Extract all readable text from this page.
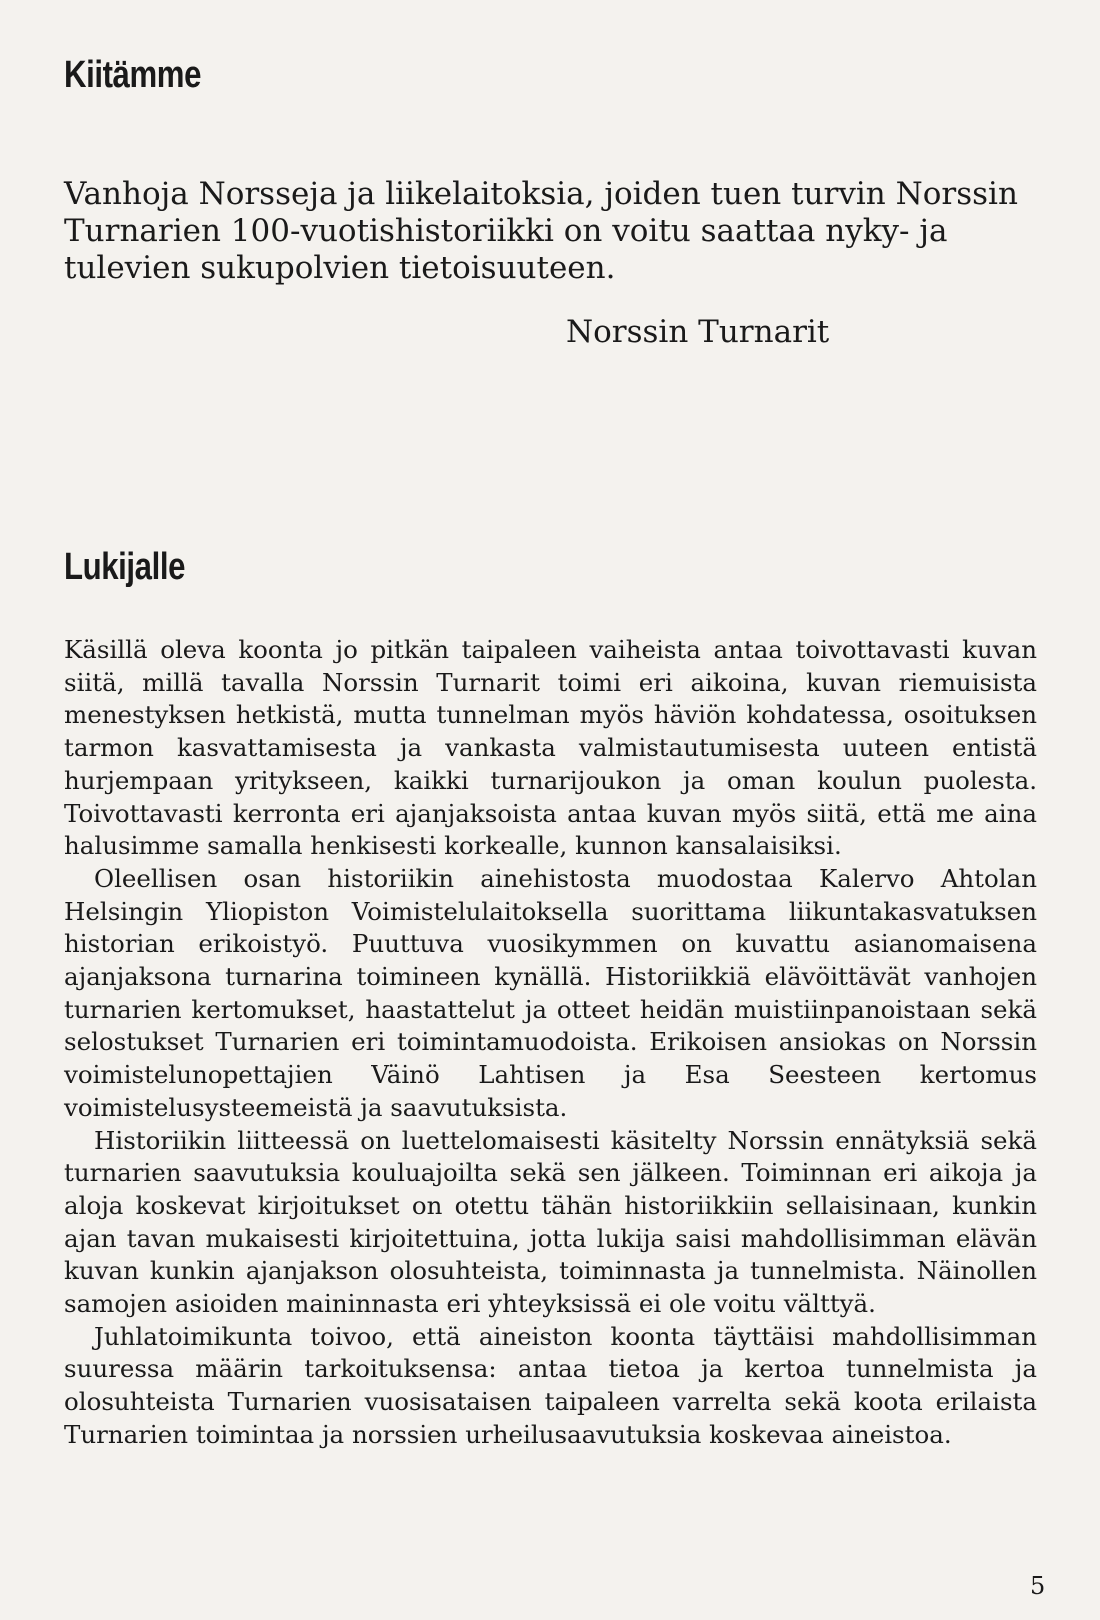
Kiitämme

Vanhoja Norsseja ja liikelaitoksia, joiden tuen turvin Norssin Turnarien 100-vuotishistoriikki on voitu saattaa nyky- ja tulevien sukupolvien tietoisuuteen.

Norssin Turnarit

Lukijalle

Käsillä oleva koonta jo pitkän taipaleen vaiheista antaa toivottavasti kuvan siitä, millä tavalla Norssin Turnarit toimi eri aikoina, kuvan riemuisista menestyksen hetkistä, mutta tunnelman myös häviön kohdatessa, osoituksen tarmon kasvattamisesta ja vankasta valmistautumisesta uuteen entistä hurjempaan yritykseen, kaikki turnarijoukon ja oman koulun puolesta. Toivottavasti kerronta eri ajanjaksoista antaa kuvan myös siitä, että me aina halusimme samalla henkisesti korkealle, kunnon kansalaisiksi.

Oleellisen osan historiikin ainehistosta muodostaa Kalervo Ahtolan Helsingin Yliopiston Voimistelulaitoksella suorittama liikuntakasvatuksen historian erikoistyö. Puuttuva vuosikymmen on kuvattu asianomaisena ajanjaksona turnarina toimineen kynällä. Historiikkiä elävöittävät vanhojen turnarien kertomukset, haastattelut ja otteet heidän muistiinpanoistaan sekä selostukset Turnarien eri toimintamuodoista. Erikoisen ansiokas on Norssin voimistelunopettajien Väinö Lahtisen ja Esa Seesteen kertomus voimistelusysteemeistä ja saavutuksista.

Historiikin liitteessä on luettelomaisesti käsitelty Norssin ennätyksiä sekä turnarien saavutuksia kouluajoilta sekä sen jälkeen. Toiminnan eri aikoja ja aloja koskevat kirjoitukset on otettu tähän historiikkiin sellaisinaan, kunkin ajan tavan mukaisesti kirjoitettuina, jotta lukija saisi mahdollisimman elävän kuvan kunkin ajanjakson olosuhteista, toiminnasta ja tunnelmista. Näinollen samojen asioiden maininnasta eri yhteyksissä ei ole voitu välttyä.

Juhlatoimikunta toivoo, että aineiston koonta täyttäisi mahdollisimman suuressa määrin tarkoituksensa: antaa tietoa ja kertoa tunnelmista ja olosuhteista Turnarien vuosisataisen taipaleen varrelta sekä koota erilaista Turnarien toimintaa ja norssien urheilusaavutuksia koskevaa aineistoa.

5
